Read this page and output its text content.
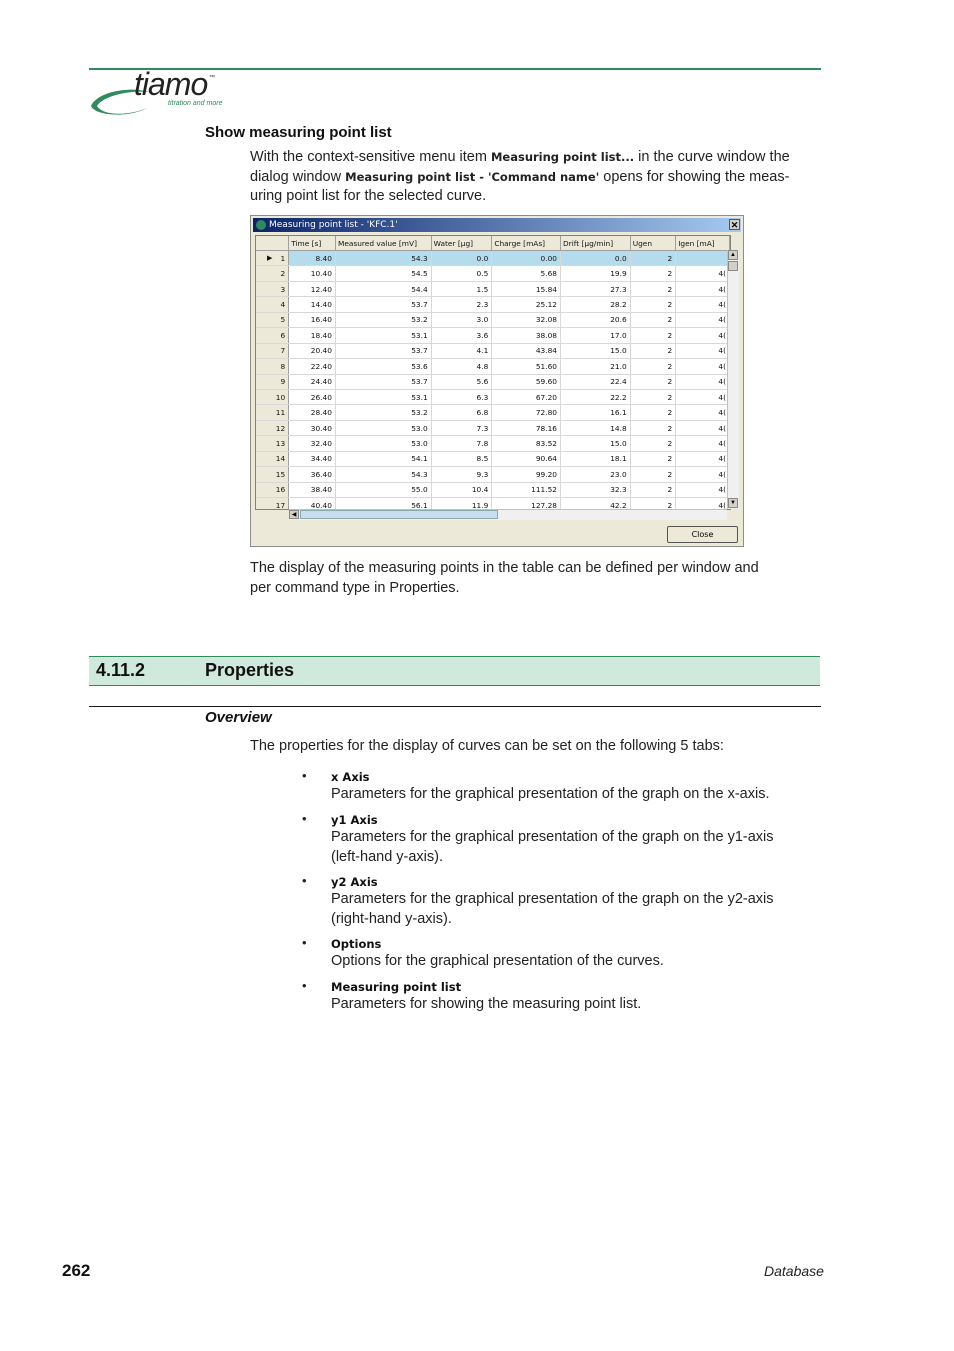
tiamo ™
titration and more
Show measuring point list
With the context-sensitive menu item Measuring point list... in the curve window the
dialog window Measuring point list - 'Command name' opens for showing the meas-
uring point list for the selected curve.
Measuring point list - 'KFC.1'	✕
	Time [s]	Measured value [mV]	Water [µg]	Charge [mAs]	Drift [µg/min]	Ugen	Igen [mA]

▶ 1	8.40	54.3	0.0	0.00	0.0	2	
2	10.40	54.5	0.5	5.68	19.9	2	4(
3	12.40	54.4	1.5	15.84	27.3	2	4(
4	14.40	53.7	2.3	25.12	28.2	2	4(
5	16.40	53.2	3.0	32.08	20.6	2	4(
6	18.40	53.1	3.6	38.08	17.0	2	4(
7	20.40	53.7	4.1	43.84	15.0	2	4(
8	22.40	53.6	4.8	51.60	21.0	2	4(
9	24.40	53.7	5.6	59.60	22.4	2	4(
10	26.40	53.1	6.3	67.20	22.2	2	4(
11	28.40	53.2	6.8	72.80	16.1	2	4(
12	30.40	53.0	7.3	78.16	14.8	2	4(
13	32.40	53.0	7.8	83.52	15.0	2	4(
14	34.40	54.1	8.5	90.64	18.1	2	4(
15	36.40	54.3	9.3	99.20	23.0	2	4(
16	38.40	55.0	10.4	111.52	32.3	2	4(
17	40.40	56.1	11.9	127.28	42.2	2	4(
▲
▼
◀
Close
The display of the measuring points in the table can be defined per window and
per command type in Properties.
4.11.2	Properties
Overview
The properties for the display of curves can be set on the following 5 tabs:
• x Axis
Parameters for the graphical presentation of the graph on the x-axis.
• y1 Axis
Parameters for the graphical presentation of the graph on the y1-axis
(left-hand y-axis).
• y2 Axis
Parameters for the graphical presentation of the graph on the y2-axis
(right-hand y-axis).
• Options
Options for the graphical presentation of the curves.
• Measuring point list
Parameters for showing the measuring point list.
262	Database
